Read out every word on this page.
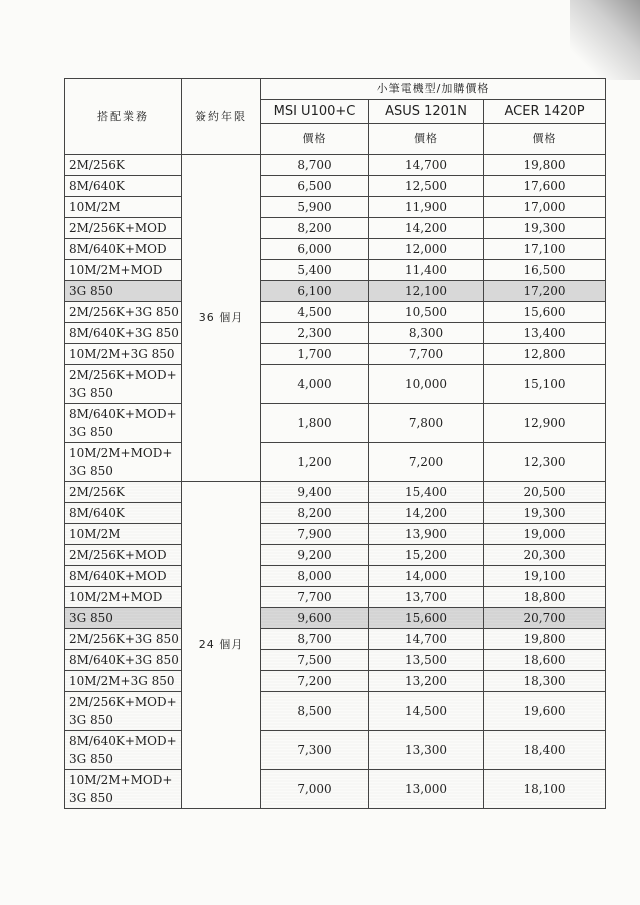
搭配業務	簽約年限	小筆電機型/加購價格		
		MSI U100+C	ASUS 1201N	ACER 1420P
		價格	價格	價格
2M/256K	36 個月	8,700	14,700	19,800
8M/640K		6,500	12,500	17,600
10M/2M		5,900	11,900	17,000
2M/256K+MOD		8,200	14,200	19,300
8M/640K+MOD		6,000	12,000	17,100
10M/2M+MOD		5,400	11,400	16,500
3G 850		6,100	12,100	17,200
2M/256K+3G 850		4,500	10,500	15,600
8M/640K+3G 850		2,300	8,300	13,400
10M/2M+3G 850		1,700	7,700	12,800
2M/256K+MOD+ 3G 850		4,000	10,000	15,100
8M/640K+MOD+ 3G 850		1,800	7,800	12,900
10M/2M+MOD+ 3G 850		1,200	7,200	12,300
2M/256K	24 個月	9,400	15,400	20,500
8M/640K		8,200	14,200	19,300
10M/2M		7,900	13,900	19,000
2M/256K+MOD		9,200	15,200	20,300
8M/640K+MOD		8,000	14,000	19,100
10M/2M+MOD		7,700	13,700	18,800
3G 850		9,600	15,600	20,700
2M/256K+3G 850		8,700	14,700	19,800
8M/640K+3G 850		7,500	13,500	18,600
10M/2M+3G 850		7,200	13,200	18,300
2M/256K+MOD+ 3G 850		8,500	14,500	19,600
8M/640K+MOD+ 3G 850		7,300	13,300	18,400
10M/2M+MOD+ 3G 850		7,000	13,000	18,100
